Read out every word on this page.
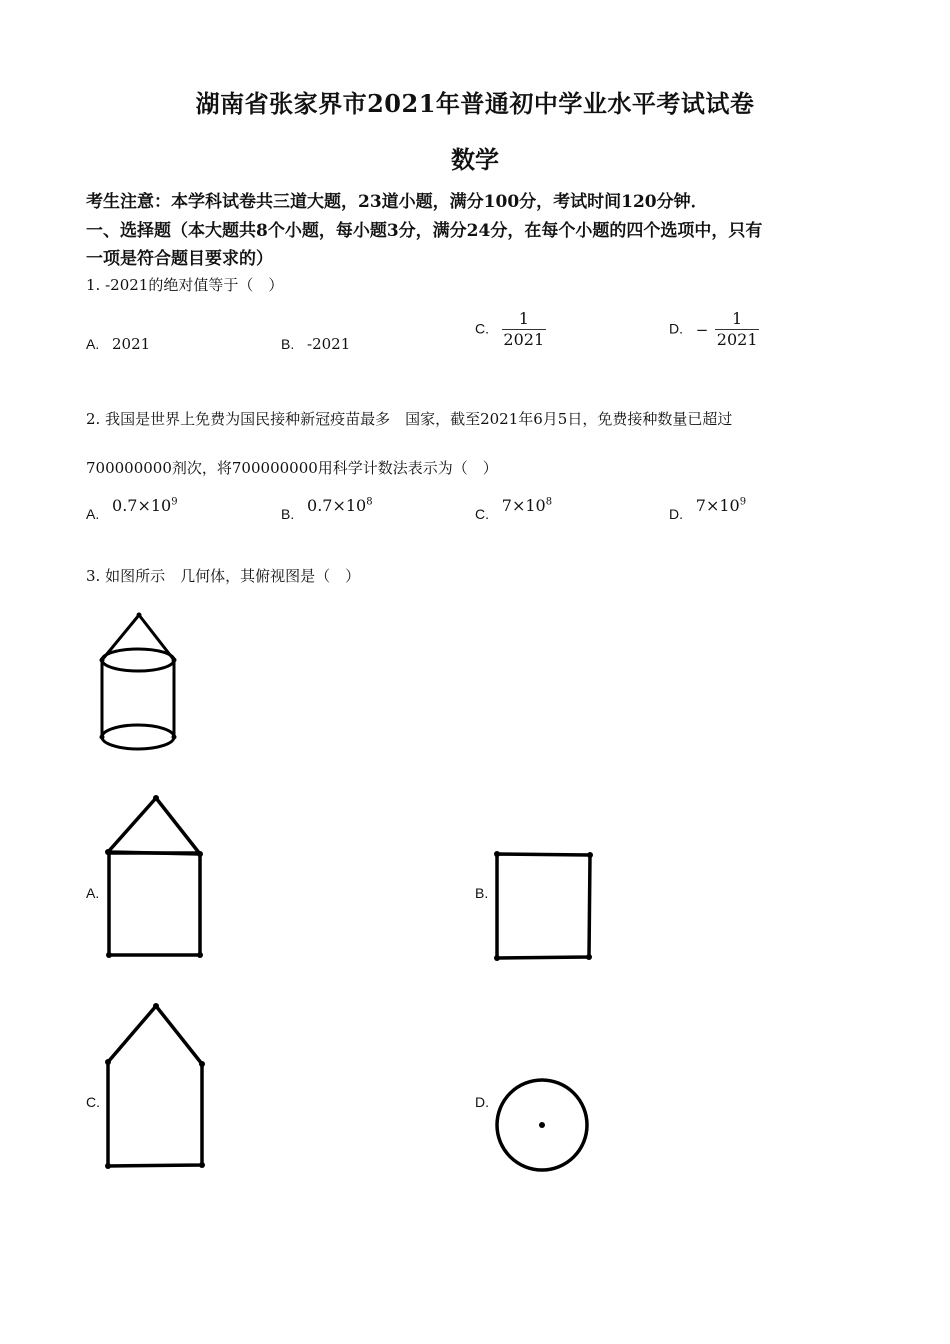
湖南省张家界市2021年普通初中学业水平考试试卷
数学
考生注意：本学科试卷共三道大题，23道小题，满分100分，考试时间120分钟．
一、选择题（本大题共8个小题，每小题3分，满分24分，在每个小题的四个选项中，只有
一项是符合题目要求的）
1. -2021的绝对值等于（　）
A. 2021	B. -2021
C. $\frac{1}{2021}$	D. − $\frac{1}{2021}$
2. 我国是世界上免费为国民接种新冠疫苗最多　国家，截至2021年6月5日，免费接种数量已超过
700000000剂次，将700000000用科学计数法表示为（　）
A. $0.7\times 10^9$
B. $0.7\times 10^8$
C. $7\times 10^8$
D. $7\times 10^9$
3. 如图所示　几何体，其俯视图是（　）
A.	B.
C.	D.
